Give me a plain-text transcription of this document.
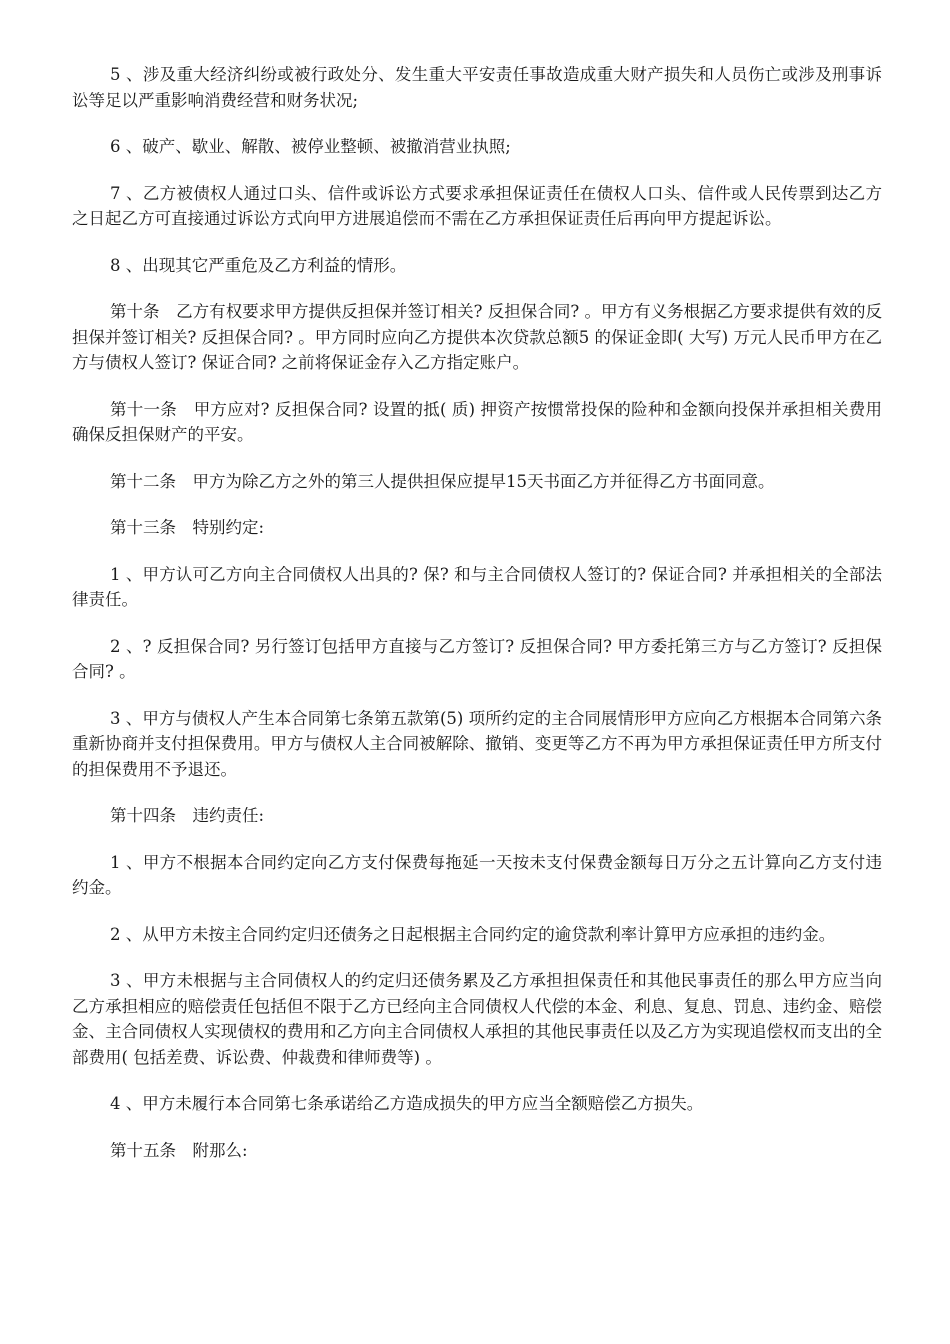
5 、涉及重大经济纠纷或被行政处分、发生重大平安责任事故造成重大财产损失和人员伤亡或涉及刑事诉讼等足以严重影响消费经营和财务状况;

6 、破产、歇业、解散、被停业整顿、被撤消营业执照;

7 、乙方被债权人通过口头、信件或诉讼方式要求承担保证责任在债权人口头、信件或人民传票到达乙方之日起乙方可直接通过诉讼方式向甲方进展追偿而不需在乙方承担保证责任后再向甲方提起诉讼。

8 、出现其它严重危及乙方利益的情形。

第十条　乙方有权要求甲方提供反担保并签订相关? 反担保合同? 。甲方有义务根据乙方要求提供有效的反担保并签订相关? 反担保合同? 。甲方同时应向乙方提供本次贷款总额5 的保证金即( 大写) 万元人民币甲方在乙方与债权人签订? 保证合同? 之前将保证金存入乙方指定账户。

第十一条　甲方应对? 反担保合同? 设置的抵( 质) 押资产按惯常投保的险种和金额向投保并承担相关费用确保反担保财产的平安。

第十二条　甲方为除乙方之外的第三人提供担保应提早15天书面乙方并征得乙方书面同意。

第十三条　特别约定:

1 、甲方认可乙方向主合同债权人出具的? 保? 和与主合同债权人签订的? 保证合同? 并承担相关的全部法律责任。

2 、? 反担保合同? 另行签订包括甲方直接与乙方签订? 反担保合同? 甲方委托第三方与乙方签订? 反担保合同? 。

3 、甲方与债权人产生本合同第七条第五款第(5) 项所约定的主合同展情形甲方应向乙方根据本合同第六条重新协商并支付担保费用。甲方与债权人主合同被解除、撤销、变更等乙方不再为甲方承担保证责任甲方所支付的担保费用不予退还。

第十四条　违约责任:

1 、甲方不根据本合同约定向乙方支付保费每拖延一天按未支付保费金额每日万分之五计算向乙方支付违约金。

2 、从甲方未按主合同约定归还债务之日起根据主合同约定的逾贷款利率计算甲方应承担的违约金。

3 、甲方未根据与主合同债权人的约定归还债务累及乙方承担担保责任和其他民事责任的那么甲方应当向乙方承担相应的赔偿责任包括但不限于乙方已经向主合同债权人代偿的本金、利息、复息、罚息、违约金、赔偿金、主合同债权人实现债权的费用和乙方向主合同债权人承担的其他民事责任以及乙方为实现追偿权而支出的全部费用( 包括差费、诉讼费、仲裁费和律师费等) 。

4 、甲方未履行本合同第七条承诺给乙方造成损失的甲方应当全额赔偿乙方损失。

第十五条　附那么:
